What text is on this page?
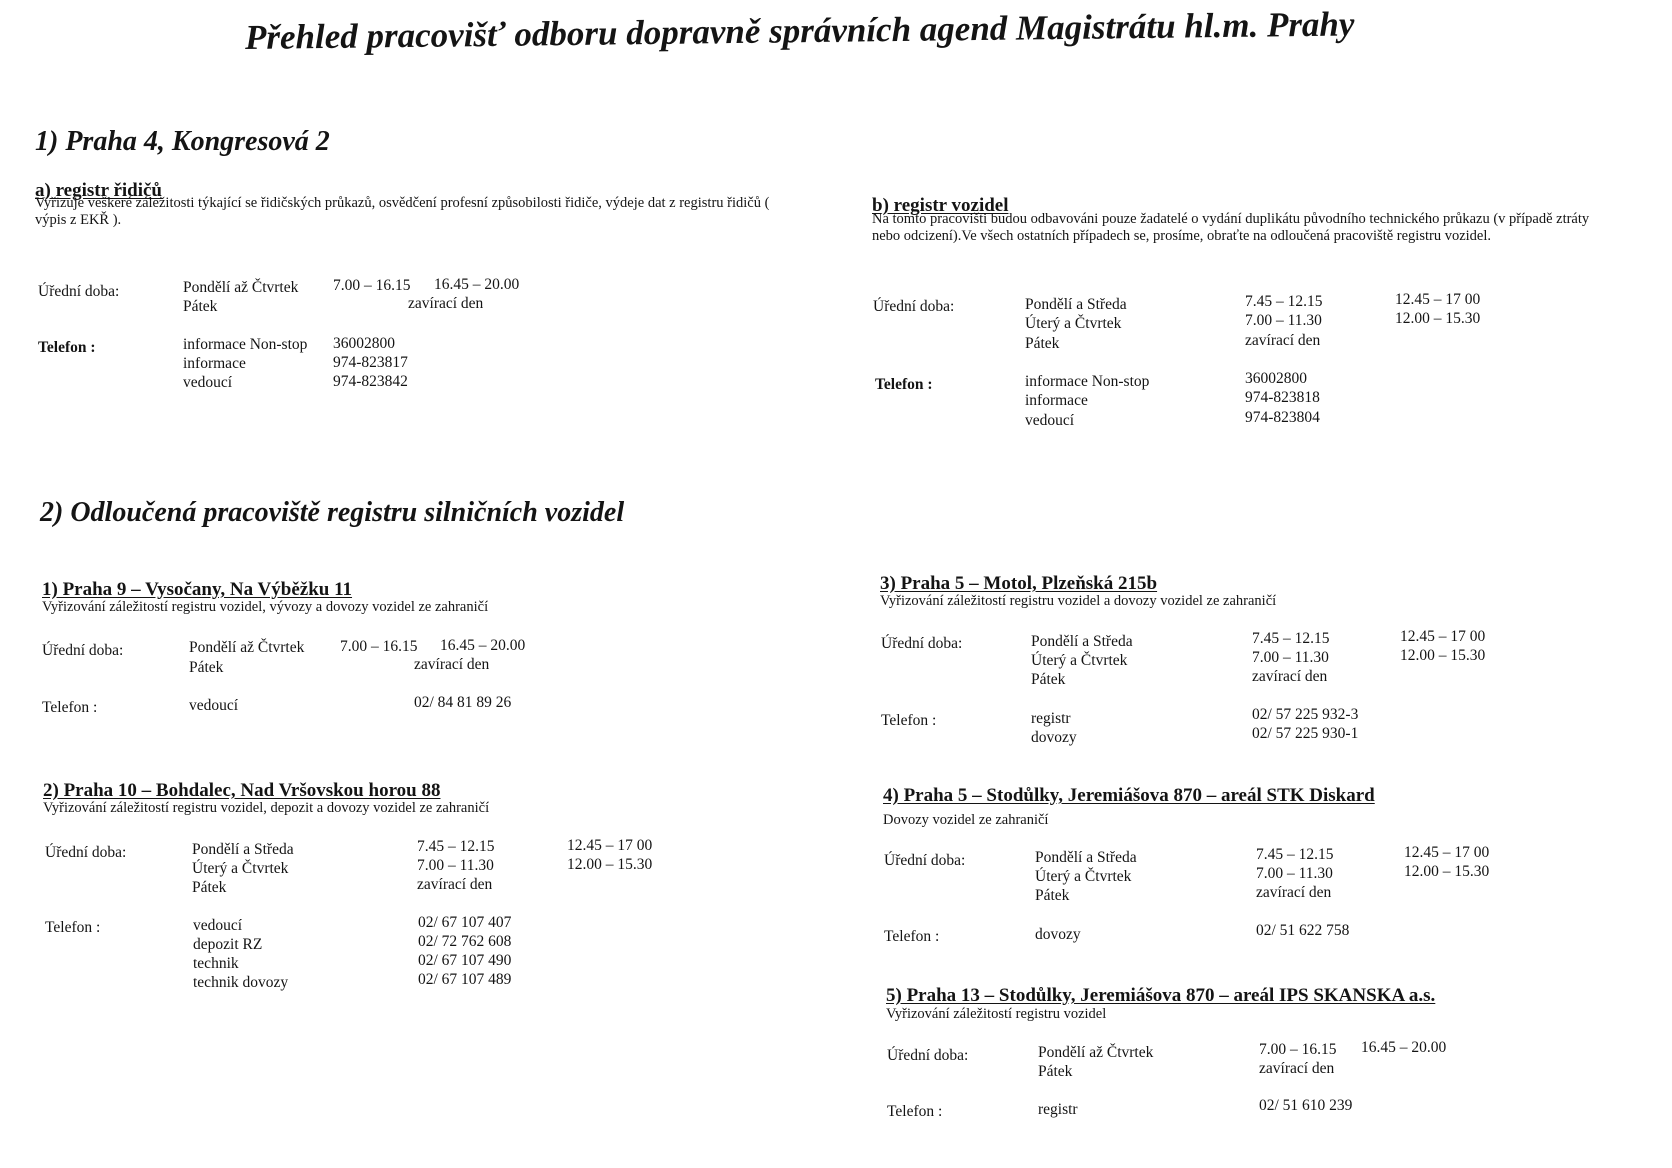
Přehled pracovišť odboru dopravně správních agend Magistrátu hl.m. Prahy
1) Praha 4, Kongresová 2
a) registr řidičů
Vyřizuje veškeré záležitosti týkající se řidičských průkazů, osvědčení profesní způsobilosti řidiče, výdeje dat z registru řidičů ( výpis z EKŘ ).
Úřední doba:	Pondělí až Čtvrtek 7.00 – 16.15 16.45 – 20.00
Pátek	zavírací den
Telefon :	informace Non-stop 36002800
informace	974-823817
vedoucí	974-823842
b) registr vozidel
Na tomto pracovišti budou odbavováni pouze žadatelé o vydání duplikátu původního technického průkazu (v případě ztráty nebo odcizení).Ve všech ostatních případech se, prosíme, obraťte na odloučená pracoviště registru vozidel.
Úřední doba:	Pondělí a Středa	7.45 – 12.15	12.45 – 17 00
Úterý a Čtvrtek	7.00 – 11.30	12.00 – 15.30
Pátek	zavírací den
Telefon :	informace Non-stop	36002800
informace	974-823818
vedoucí	974-823804
2) Odloučená pracoviště registru silničních vozidel
1) Praha 9 – Vysočany, Na Výběžku 11
Vyřizování záležitostí registru vozidel, vývozy a dovozy vozidel ze zahraničí
Úřední doba:	Pondělí až Čtvrtek 7.00 – 16.15 16.45 – 20.00
Pátek	zavírací den
Telefon :	vedoucí	02/ 84 81 89 26
2) Praha 10 – Bohdalec, Nad Vršovskou horou 88
Vyřizování záležitostí registru vozidel, depozit a dovozy vozidel ze zahraničí
Úřední doba:	Pondělí a Středa	7.45 – 12.15	12.45 – 17 00
Úterý a Čtvrtek	7.00 – 11.30	12.00 – 15.30
Pátek	zavírací den
Telefon :	vedoucí	02/ 67 107 407
depozit RZ	02/ 72 762 608
technik	02/ 67 107 490
technik dovozy	02/ 67 107 489
3) Praha 5 – Motol, Plzeňská 215b
Vyřizování záležitostí registru vozidel a dovozy vozidel ze zahraničí
Úřední doba:	Pondělí a Středa	7.45 – 12.15	12.45 – 17 00
Úterý a Čtvrtek	7.00 – 11.30	12.00 – 15.30
Pátek	zavírací den
Telefon :	registr	02/ 57 225 932-3
dovozy	02/ 57 225 930-1
4) Praha 5 – Stodůlky, Jeremiášova 870 – areál STK Diskard
Dovozy vozidel ze zahraničí
Úřední doba:	Pondělí a Středa	7.45 – 12.15	12.45 – 17 00
Úterý a Čtvrtek	7.00 – 11.30	12.00 – 15.30
Pátek	zavírací den
Telefon :	dovozy	02/ 51 622 758
5) Praha 13 – Stodůlky, Jeremiášova 870 – areál IPS SKANSKA a.s.
Vyřizování záležitostí registru vozidel
Úřední doba:	Pondělí až Čtvrtek	7.00 – 16.15 16.45 – 20.00
Pátek	zavírací den
Telefon :	registr	02/ 51 610 239
